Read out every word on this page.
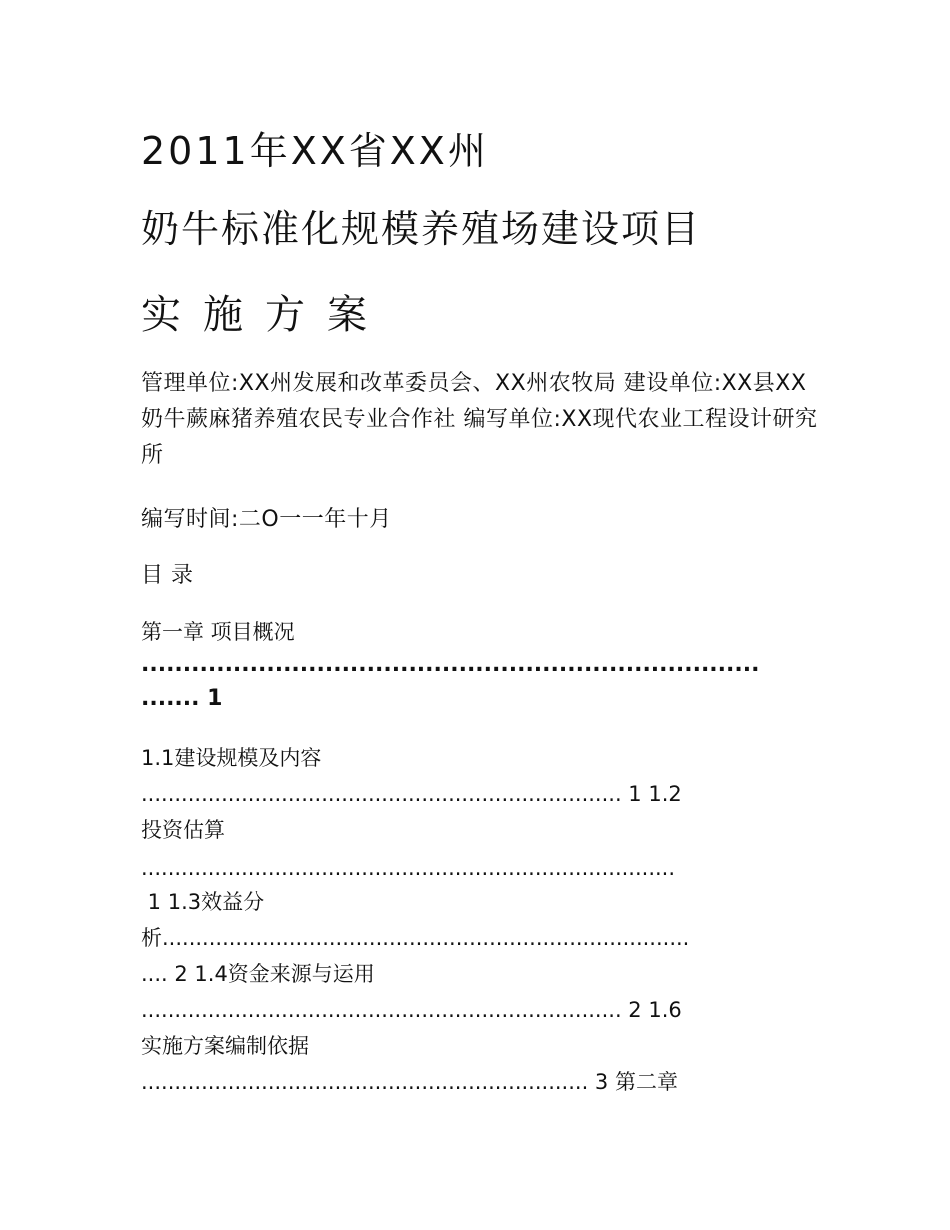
2011年XX省XX州
奶牛标准化规模养殖场建设项目
实施方案
管理单位:XX州发展和改革委员会、XX州农牧局 建设单位:XX县XX奶牛蕨麻猪养殖农民专业合作社 编写单位:XX现代农业工程设计研究所
编写时间:二O一一年十月
目 录
第一章 项目概况
..........................................................................
....... 1
1.1建设规模及内容
........................................................................ 1 1.2
投资估算
................................................................................
1 1.3效益分
析...............................................................................
.... 2 1.4资金来源与运用
........................................................................ 2 1.6
实施方案编制依据
................................................................... 3 第二章
